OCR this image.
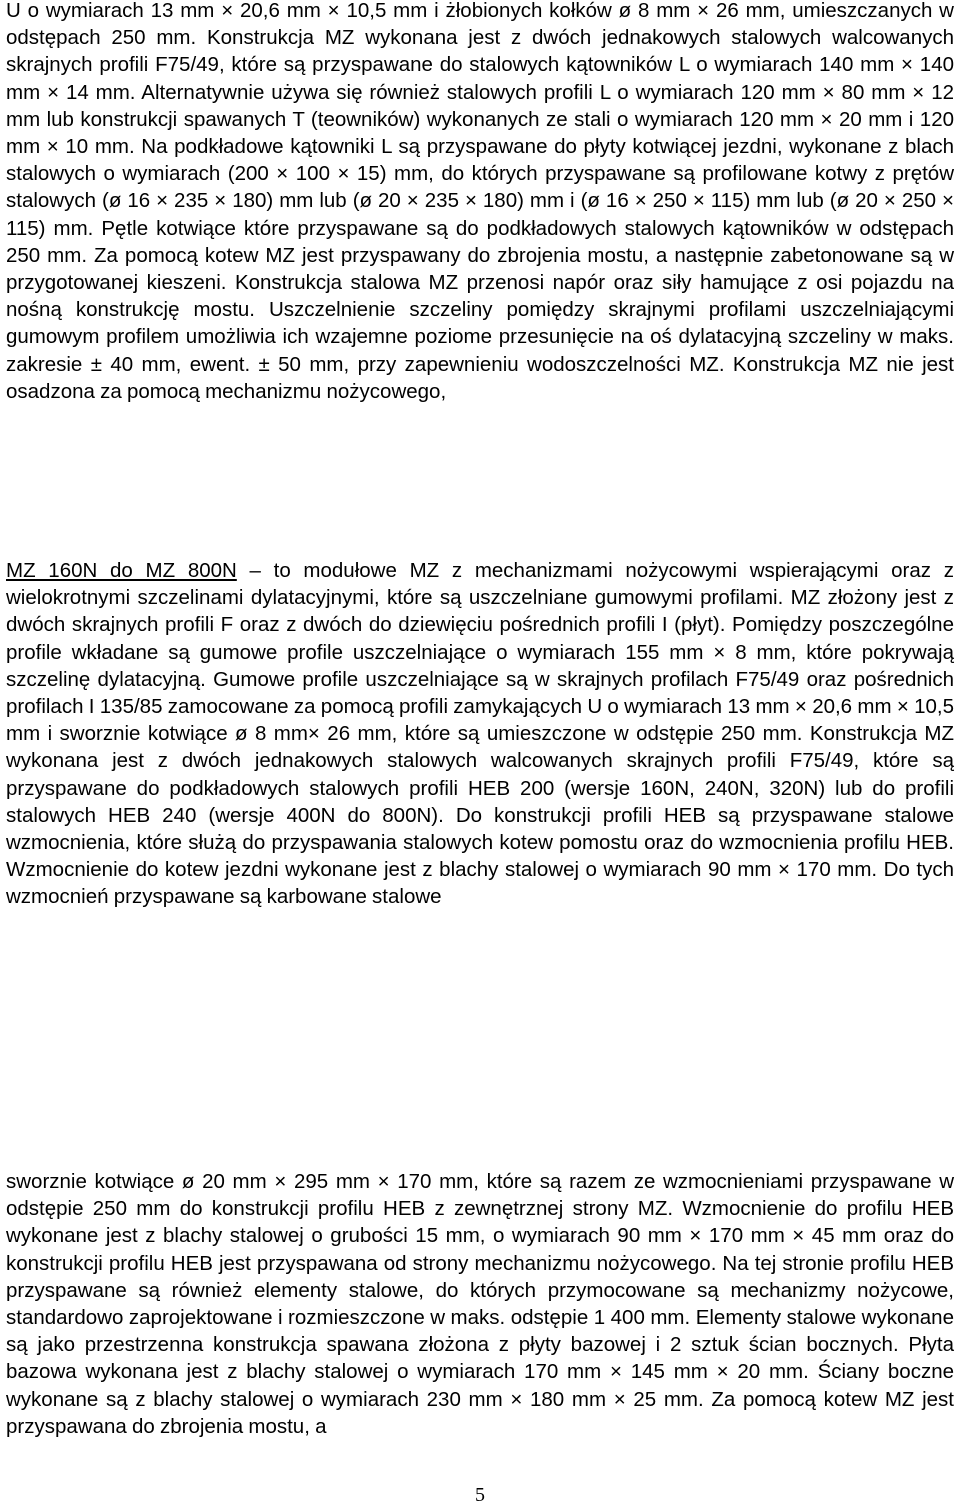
U o wymiarach 13 mm × 20,6 mm × 10,5 mm i żłobionych kołków ø 8 mm × 26 mm, umieszczanych w odstępach 250 mm. Konstrukcja MZ wykonana jest z dwóch jednakowych stalowych walcowanych skrajnych profili F75/49, które są przyspawane do stalowych kątowników L o wymiarach 140 mm × 140 mm × 14 mm. Alternatywnie używa się również stalowych profili L o wymiarach 120 mm × 80 mm × 12 mm lub konstrukcji spawanych T (teowników) wykonanych ze stali o wymiarach 120 mm × 20 mm i 120 mm × 10 mm. Na podkładowe kątowniki L są przyspawane do płyty kotwiącej jezdni, wykonane z blach stalowych o wymiarach (200 × 100 × 15) mm, do których przyspawane są profilowane kotwy z prętów stalowych (ø 16 × 235 × 180) mm lub (ø 20 × 235 × 180) mm i (ø 16 × 250 × 115) mm lub (ø 20 × 250 × 115) mm. Pętle kotwiące które przyspawane są do podkładowych stalowych kątowników w odstępach 250 mm. Za pomocą kotew MZ jest przyspawany do zbrojenia mostu, a następnie zabetonowane są w przygotowanej kieszeni. Konstrukcja stalowa MZ przenosi napór oraz siły hamujące z osi pojazdu na nośną konstrukcję mostu. Uszczelnienie szczeliny pomiędzy skrajnymi profilami uszczelniającymi gumowym profilem umożliwia ich wzajemne poziome przesunięcie na oś dylatacyjną szczeliny w maks. zakresie ± 40 mm, ewent. ± 50 mm, przy zapewnieniu wodoszczelności MZ. Konstrukcja MZ nie jest osadzona za pomocą mechanizmu nożycowego,

MZ 160N do MZ 800N – to modułowe MZ z mechanizmami nożycowymi wspierającymi oraz z wielokrotnymi szczelinami dylatacyjnymi, które są uszczelniane gumowymi profilami. MZ złożony jest z dwóch skrajnych profili F oraz z dwóch do dziewięciu pośrednich profili I (płyt). Pomiędzy poszczególne profile wkładane są gumowe profile uszczelniające o wymiarach 155 mm × 8 mm, które pokrywają szczelinę dylatacyjną. Gumowe profile uszczelniające są w skrajnych profilach F75/49 oraz pośrednich profilach I 135/85 zamocowane za pomocą profili zamykających U o wymiarach 13 mm × 20,6 mm × 10,5 mm i sworznie kotwiące ø 8 mm× 26 mm, które są umieszczone w odstępie 250 mm. Konstrukcja MZ wykonana jest z dwóch jednakowych stalowych walcowanych skrajnych profili F75/49, które są przyspawane do podkładowych stalowych profili HEB 200 (wersje 160N, 240N, 320N) lub do profili stalowych HEB 240 (wersje 400N do 800N). Do konstrukcji profili HEB są przyspawane stalowe wzmocnienia, które służą do przyspawania stalowych kotew pomostu oraz do wzmocnienia profilu HEB. Wzmocnienie do kotew jezdni wykonane jest z blachy stalowej o wymiarach 90 mm × 170 mm. Do tych wzmocnień przyspawane są karbowane stalowe

sworznie kotwiące ø 20 mm × 295 mm × 170 mm, które są razem ze wzmocnieniami przyspawane w odstępie 250 mm do konstrukcji profilu HEB z zewnętrznej strony MZ. Wzmocnienie do profilu HEB wykonane jest z blachy stalowej o grubości 15 mm, o wymiarach 90 mm × 170 mm × 45 mm oraz do konstrukcji profilu HEB jest przyspawana od strony mechanizmu nożycowego. Na tej stronie profilu HEB przyspawane są również elementy stalowe, do których przymocowane są mechanizmy nożycowe, standardowo zaprojektowane i rozmieszczone w maks. odstępie 1 400 mm. Elementy stalowe wykonane są jako przestrzenna konstrukcja spawana złożona z płyty bazowej i 2 sztuk ścian bocznych. Płyta bazowa wykonana jest z blachy stalowej o wymiarach 170 mm × 145 mm × 20 mm. Ściany boczne wykonane są z blachy stalowej o wymiarach 230 mm × 180 mm × 25 mm. Za pomocą kotew MZ jest przyspawana do zbrojenia mostu, a

5
